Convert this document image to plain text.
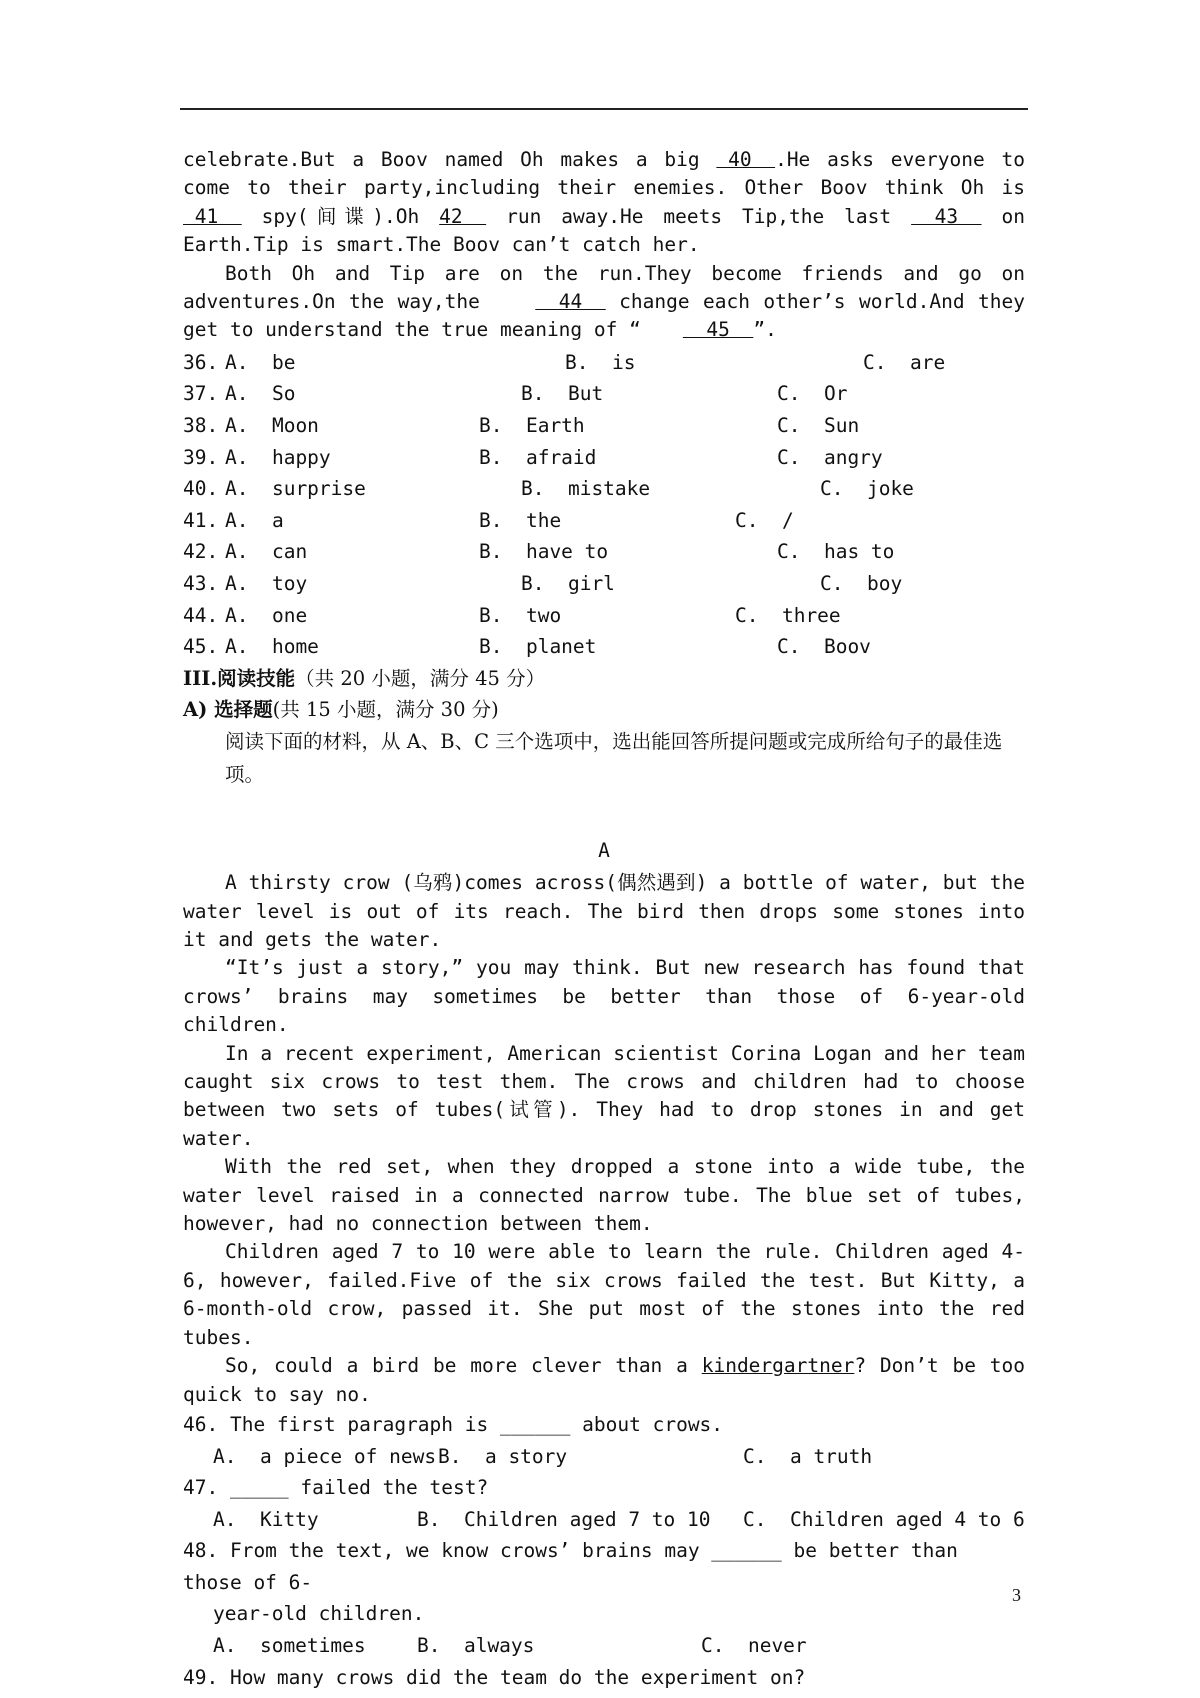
celebrate.But a Boov named Oh makes a big  40  .He asks everyone to come to their party,including their enemies. Other Boov think Oh is  41   spy(间谍).Oh 42   run away.He meets Tip,the last   43   on Earth.Tip is smart.The Boov can’t catch her.

Both Oh and Tip are on the run.They become friends and go on adventures.On the way,the   44   change each other’s world.And they get to understand the true meaning of “  45  ”.

36. A.  be	B.  is	C.  are
37. A.  So	B.  But	C.  Or
38. A.  Moon	B.  Earth	C.  Sun
39. A.  happy	B.  afraid	C.  angry
40. A.  surprise	B.  mistake	C.  joke
41. A.  a	B.  the	C.  /
42. A.  can	B.  have to	C.  has to
43. A.  toy	B.  girl	C.  boy
44. A.  one	B.  two	C.  three
45. A.  home	B.  planet	C.  Boov
III.阅读技能（共 20 小题，满分 45 分）
A) 选择题(共 15 小题，满分 30 分)
阅读下面的材料，从 A、B、C 三个选项中，选出能回答所提问题或完成所给句子的最佳选项。
A

A thirsty crow (乌鸦)comes across(偶然遇到) a bottle of water, but the water level is out of its reach. The bird then drops some stones into it and gets the water.

“It’s just a story,” you may think. But new research has found that crows’ brains may sometimes be better than those of 6-year-old children.

In a recent experiment, American scientist Corina Logan and her team caught six crows to test them. The crows and children had to choose between two sets of tubes(试管). They had to drop stones in and get water.

With the red set, when they dropped a stone into a wide tube, the water level raised in a connected narrow tube. The blue set of tubes, however, had no connection between them.

Children aged 7 to 10 were able to learn the rule. Children aged 4-6, however, failed.Five of the six crows failed the test. But Kitty, a 6-month-old crow, passed it. She put most of the stones into the red tubes.

So, could a bird be more clever than a kindergartner? Don’t be too quick to say no.

46. The first paragraph is ______ about crows.

A.  a piece of news B.  a story	C.  a truth

47. _____ failed the test?

A.  Kitty	B.  Children aged 7 to 10 C.  Children aged 4 to 6

48. From the text, we know crows’ brains may ______ be better than those of 6-

year-old children.

A.  sometimes	B.  always	C.  never

49. How many crows did the team do the experiment on?

3
